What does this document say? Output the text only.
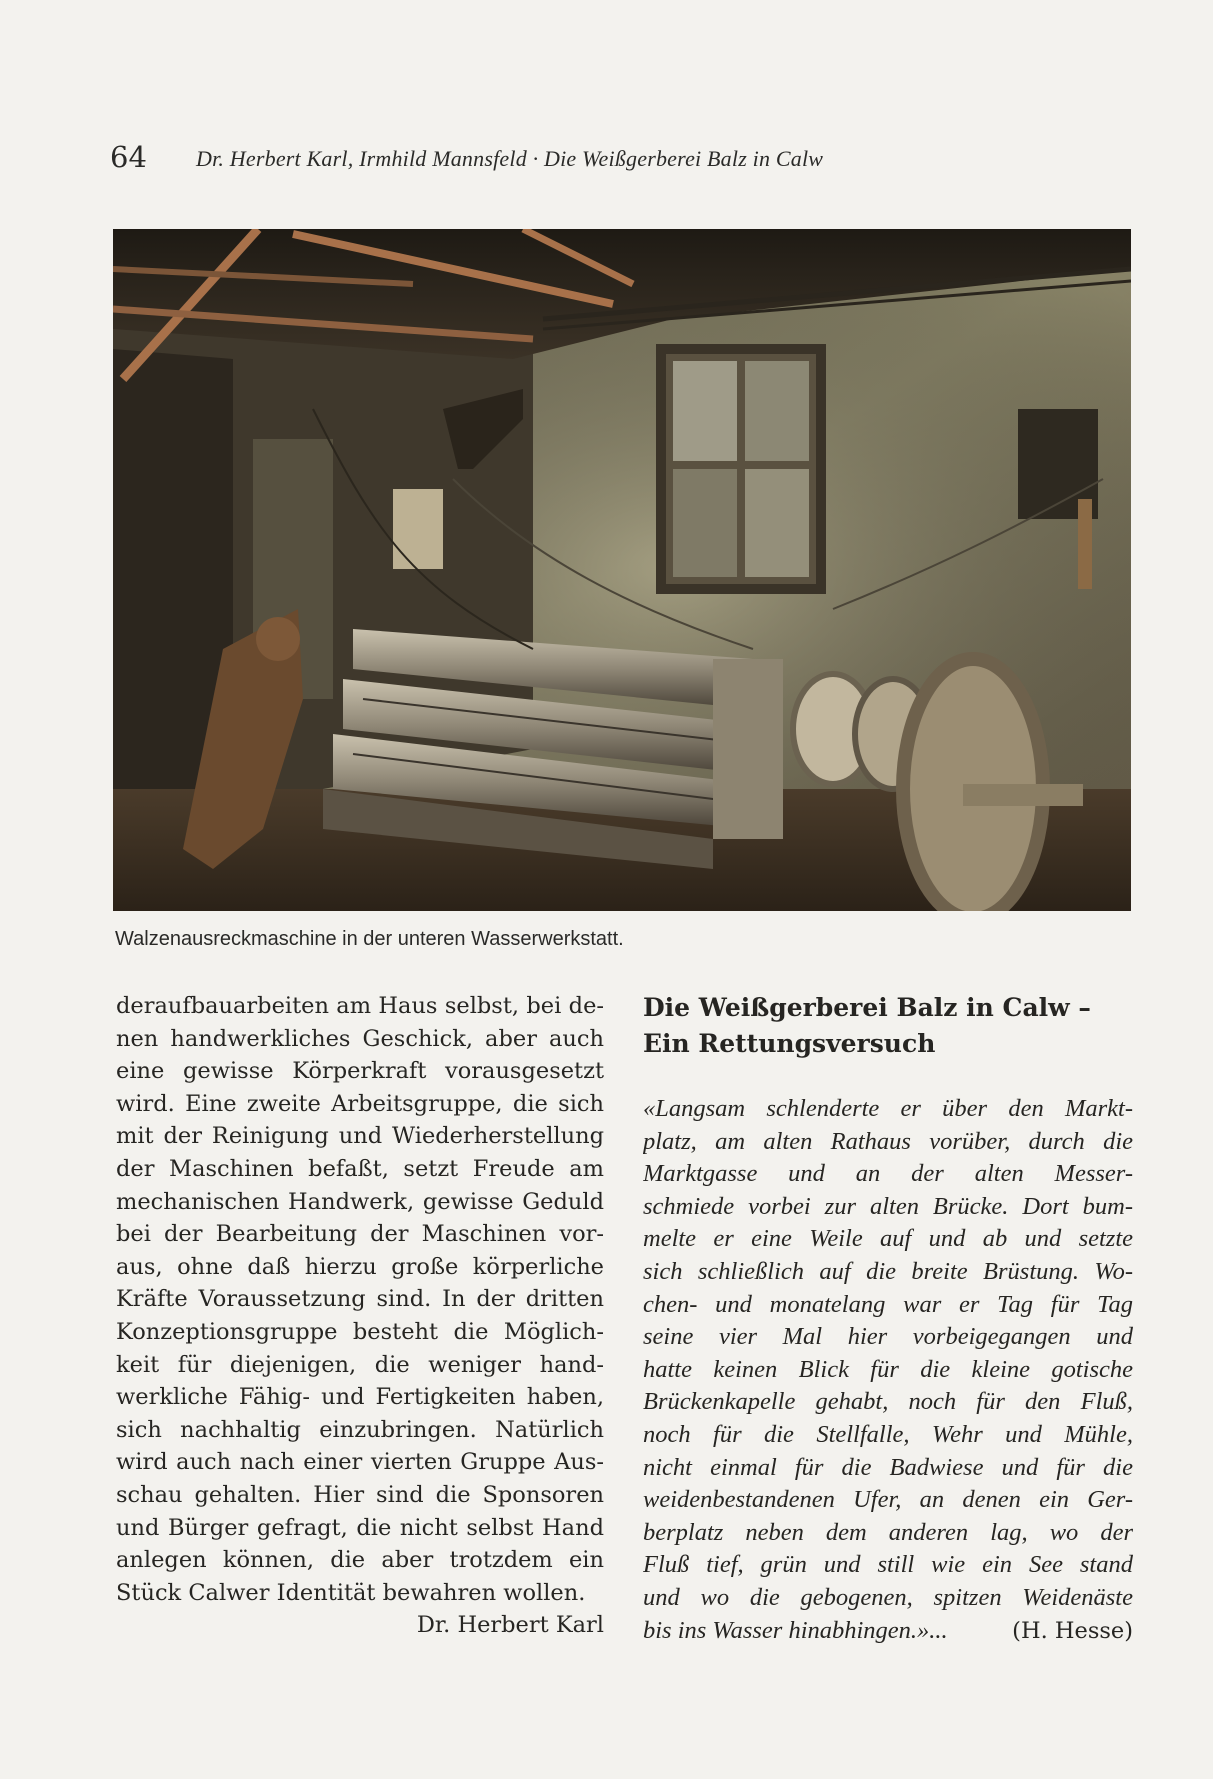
64 Dr. Herbert Karl, Irmhild Mannsfeld · Die Weißgerberei Balz in Calw
Walzenausreckmaschine in der unteren Wasserwerkstatt.
deraufbauarbeiten am Haus selbst, bei de-
nen handwerkliches Geschick, aber auch
eine gewisse Körperkraft vorausgesetzt
wird. Eine zweite Arbeitsgruppe, die sich
mit der Reinigung und Wiederherstellung
der Maschinen befaßt, setzt Freude am
mechanischen Handwerk, gewisse Geduld
bei der Bearbeitung der Maschinen vor-
aus, ohne daß hierzu große körperliche
Kräfte Voraussetzung sind. In der dritten
Konzeptionsgruppe besteht die Möglich-
keit für diejenigen, die weniger hand-
werkliche Fähig- und Fertigkeiten haben,
sich nachhaltig einzubringen. Natürlich
wird auch nach einer vierten Gruppe Aus-
schau gehalten. Hier sind die Sponsoren
und Bürger gefragt, die nicht selbst Hand
anlegen können, die aber trotzdem ein
Stück Calwer Identität bewahren wollen.
Dr. Herbert Karl
Die Weißgerberei Balz in Calw –
Ein Rettungsversuch
«Langsam schlenderte er über den Markt-
platz, am alten Rathaus vorüber, durch die
Marktgasse und an der alten Messer-
schmiede vorbei zur alten Brücke. Dort bum-
melte er eine Weile auf und ab und setzte
sich schließlich auf die breite Brüstung. Wo-
chen- und monatelang war er Tag für Tag
seine vier Mal hier vorbeigegangen und
hatte keinen Blick für die kleine gotische
Brückenkapelle gehabt, noch für den Fluß,
noch für die Stellfalle, Wehr und Mühle,
nicht einmal für die Badwiese und für die
weidenbestandenen Ufer, an denen ein Ger-
berplatz neben dem anderen lag, wo der
Fluß tief, grün und still wie ein See stand
und wo die gebogenen, spitzen Weidenäste
bis ins Wasser hinabhingen.»...	(H. Hesse)
